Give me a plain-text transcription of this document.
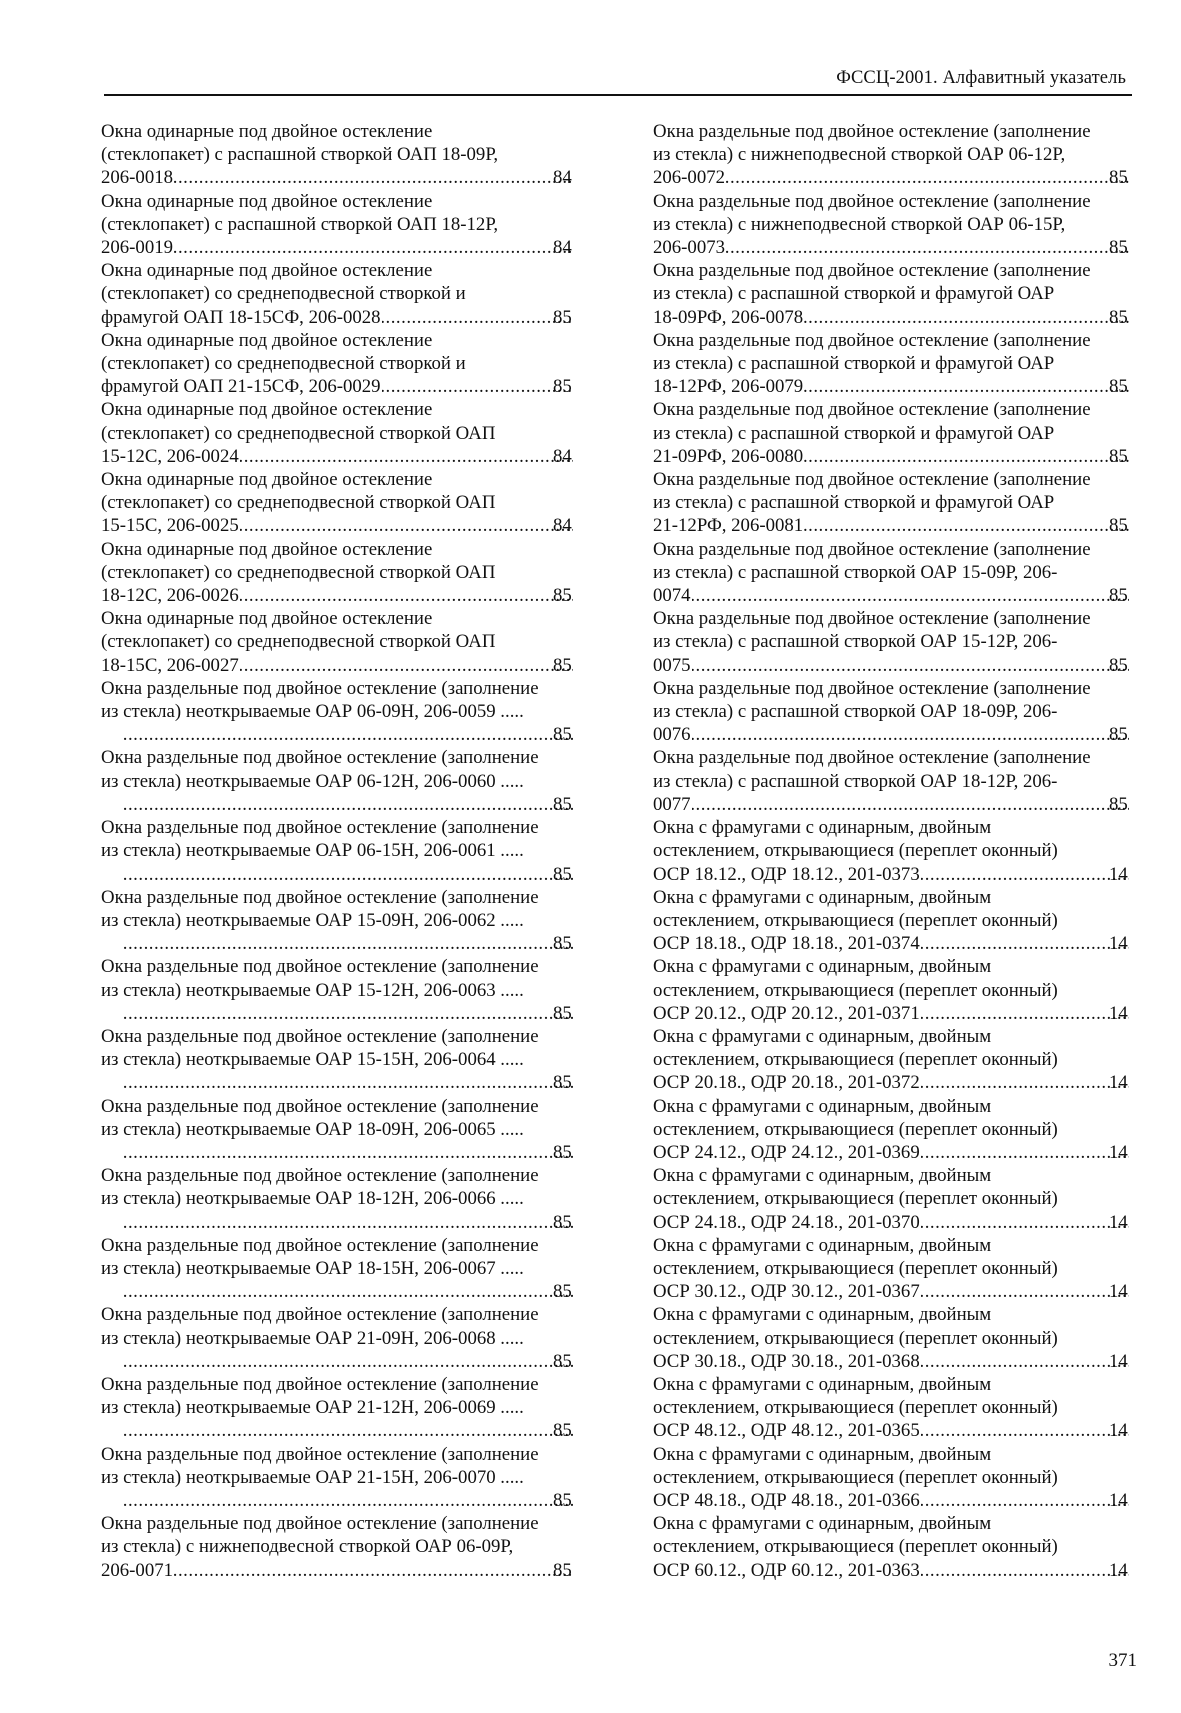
ФССЦ-2001. Алфавитный указатель

Окна одинарные под двойное остекление
(стеклопакет) с распашной створкой ОАП 18-09Р,
206-0018 .....	84

Окна одинарные под двойное остекление
(стеклопакет) с распашной створкой ОАП 18-12Р,
206-0019 .....	84

Окна одинарные под двойное остекление
(стеклопакет) со среднеподвесной створкой и
фрамугой ОАП 18-15СФ, 206-0028 .....	85

Окна одинарные под двойное остекление
(стеклопакет) со среднеподвесной створкой и
фрамугой ОАП 21-15СФ, 206-0029 .....	85

Окна одинарные под двойное остекление
(стеклопакет) со среднеподвесной створкой ОАП
15-12С, 206-0024 .....	84

Окна одинарные под двойное остекление
(стеклопакет) со среднеподвесной створкой ОАП
15-15С, 206-0025 .....	84

Окна одинарные под двойное остекление
(стеклопакет) со среднеподвесной створкой ОАП
18-12С, 206-0026 .....	85

Окна одинарные под двойное остекление
(стеклопакет) со среднеподвесной створкой ОАП
18-15С, 206-0027 .....	85

Окна раздельные под двойное остекление (заполнение
из стекла) неоткрываемые ОАР 06-09Н, 206-0059 .....
.....
85

Окна раздельные под двойное остекление (заполнение
из стекла) неоткрываемые ОАР 06-12Н, 206-0060 .....
.....
85

Окна раздельные под двойное остекление (заполнение
из стекла) неоткрываемые ОАР 06-15Н, 206-0061 .....
.....
85

Окна раздельные под двойное остекление (заполнение
из стекла) неоткрываемые ОАР 15-09Н, 206-0062 .....
.....
85

Окна раздельные под двойное остекление (заполнение
из стекла) неоткрываемые ОАР 15-12Н, 206-0063 .....
.....
85

Окна раздельные под двойное остекление (заполнение
из стекла) неоткрываемые ОАР 15-15Н, 206-0064 .....
.....
85

Окна раздельные под двойное остекление (заполнение
из стекла) неоткрываемые ОАР 18-09Н, 206-0065 .....
.....
85

Окна раздельные под двойное остекление (заполнение
из стекла) неоткрываемые ОАР 18-12Н, 206-0066 .....
.....
85

Окна раздельные под двойное остекление (заполнение
из стекла) неоткрываемые ОАР 18-15Н, 206-0067 .....
.....
85

Окна раздельные под двойное остекление (заполнение
из стекла) неоткрываемые ОАР 21-09Н, 206-0068 .....
.....
85

Окна раздельные под двойное остекление (заполнение
из стекла) неоткрываемые ОАР 21-12Н, 206-0069 .....
.....
85

Окна раздельные под двойное остекление (заполнение
из стекла) неоткрываемые ОАР 21-15Н, 206-0070 .....
.....
85

Окна раздельные под двойное остекление (заполнение
из стекла) с нижнеподвесной створкой ОАР 06-09Р,
206-0071 .....	85

Окна раздельные под двойное остекление (заполнение
из стекла) с нижнеподвесной створкой ОАР 06-12Р,
206-0072 .....	85

Окна раздельные под двойное остекление (заполнение
из стекла) с нижнеподвесной створкой ОАР 06-15Р,
206-0073 .....	85

Окна раздельные под двойное остекление (заполнение
из стекла) с распашной створкой и фрамугой ОАР
18-09РФ, 206-0078 .....	85

Окна раздельные под двойное остекление (заполнение
из стекла) с распашной створкой и фрамугой ОАР
18-12РФ, 206-0079 .....	85

Окна раздельные под двойное остекление (заполнение
из стекла) с распашной створкой и фрамугой ОАР
21-09РФ, 206-0080 .....	85

Окна раздельные под двойное остекление (заполнение
из стекла) с распашной створкой и фрамугой ОАР
21-12РФ, 206-0081 .....	85

Окна раздельные под двойное остекление (заполнение
из стекла) с распашной створкой ОАР 15-09Р, 206-
0074 .....	85

Окна раздельные под двойное остекление (заполнение
из стекла) с распашной створкой ОАР 15-12Р, 206-
0075 .....	85

Окна раздельные под двойное остекление (заполнение
из стекла) с распашной створкой ОАР 18-09Р, 206-
0076 .....	85

Окна раздельные под двойное остекление (заполнение
из стекла) с распашной створкой ОАР 18-12Р, 206-
0077 .....	85

Окна с фрамугами с одинарным, двойным
остеклением, открывающиеся (переплет оконный)
ОСР 18.12., ОДР 18.12., 201-0373 .....	14

Окна с фрамугами с одинарным, двойным
остеклением, открывающиеся (переплет оконный)
ОСР 18.18., ОДР 18.18., 201-0374 .....	14

Окна с фрамугами с одинарным, двойным
остеклением, открывающиеся (переплет оконный)
ОСР 20.12., ОДР 20.12., 201-0371 .....	14

Окна с фрамугами с одинарным, двойным
остеклением, открывающиеся (переплет оконный)
ОСР 20.18., ОДР 20.18., 201-0372 .....	14

Окна с фрамугами с одинарным, двойным
остеклением, открывающиеся (переплет оконный)
ОСР 24.12., ОДР 24.12., 201-0369 .....	14

Окна с фрамугами с одинарным, двойным
остеклением, открывающиеся (переплет оконный)
ОСР 24.18., ОДР 24.18., 201-0370 .....	14

Окна с фрамугами с одинарным, двойным
остеклением, открывающиеся (переплет оконный)
ОСР 30.12., ОДР 30.12., 201-0367 .....	14

Окна с фрамугами с одинарным, двойным
остеклением, открывающиеся (переплет оконный)
ОСР 30.18., ОДР 30.18., 201-0368 .....	14

Окна с фрамугами с одинарным, двойным
остеклением, открывающиеся (переплет оконный)
ОСР 48.12., ОДР 48.12., 201-0365 .....	14

Окна с фрамугами с одинарным, двойным
остеклением, открывающиеся (переплет оконный)
ОСР 48.18., ОДР 48.18., 201-0366 .....	14

Окна с фрамугами с одинарным, двойным
остеклением, открывающиеся (переплет оконный)
ОСР 60.12., ОДР 60.12., 201-0363 .....	14

371
